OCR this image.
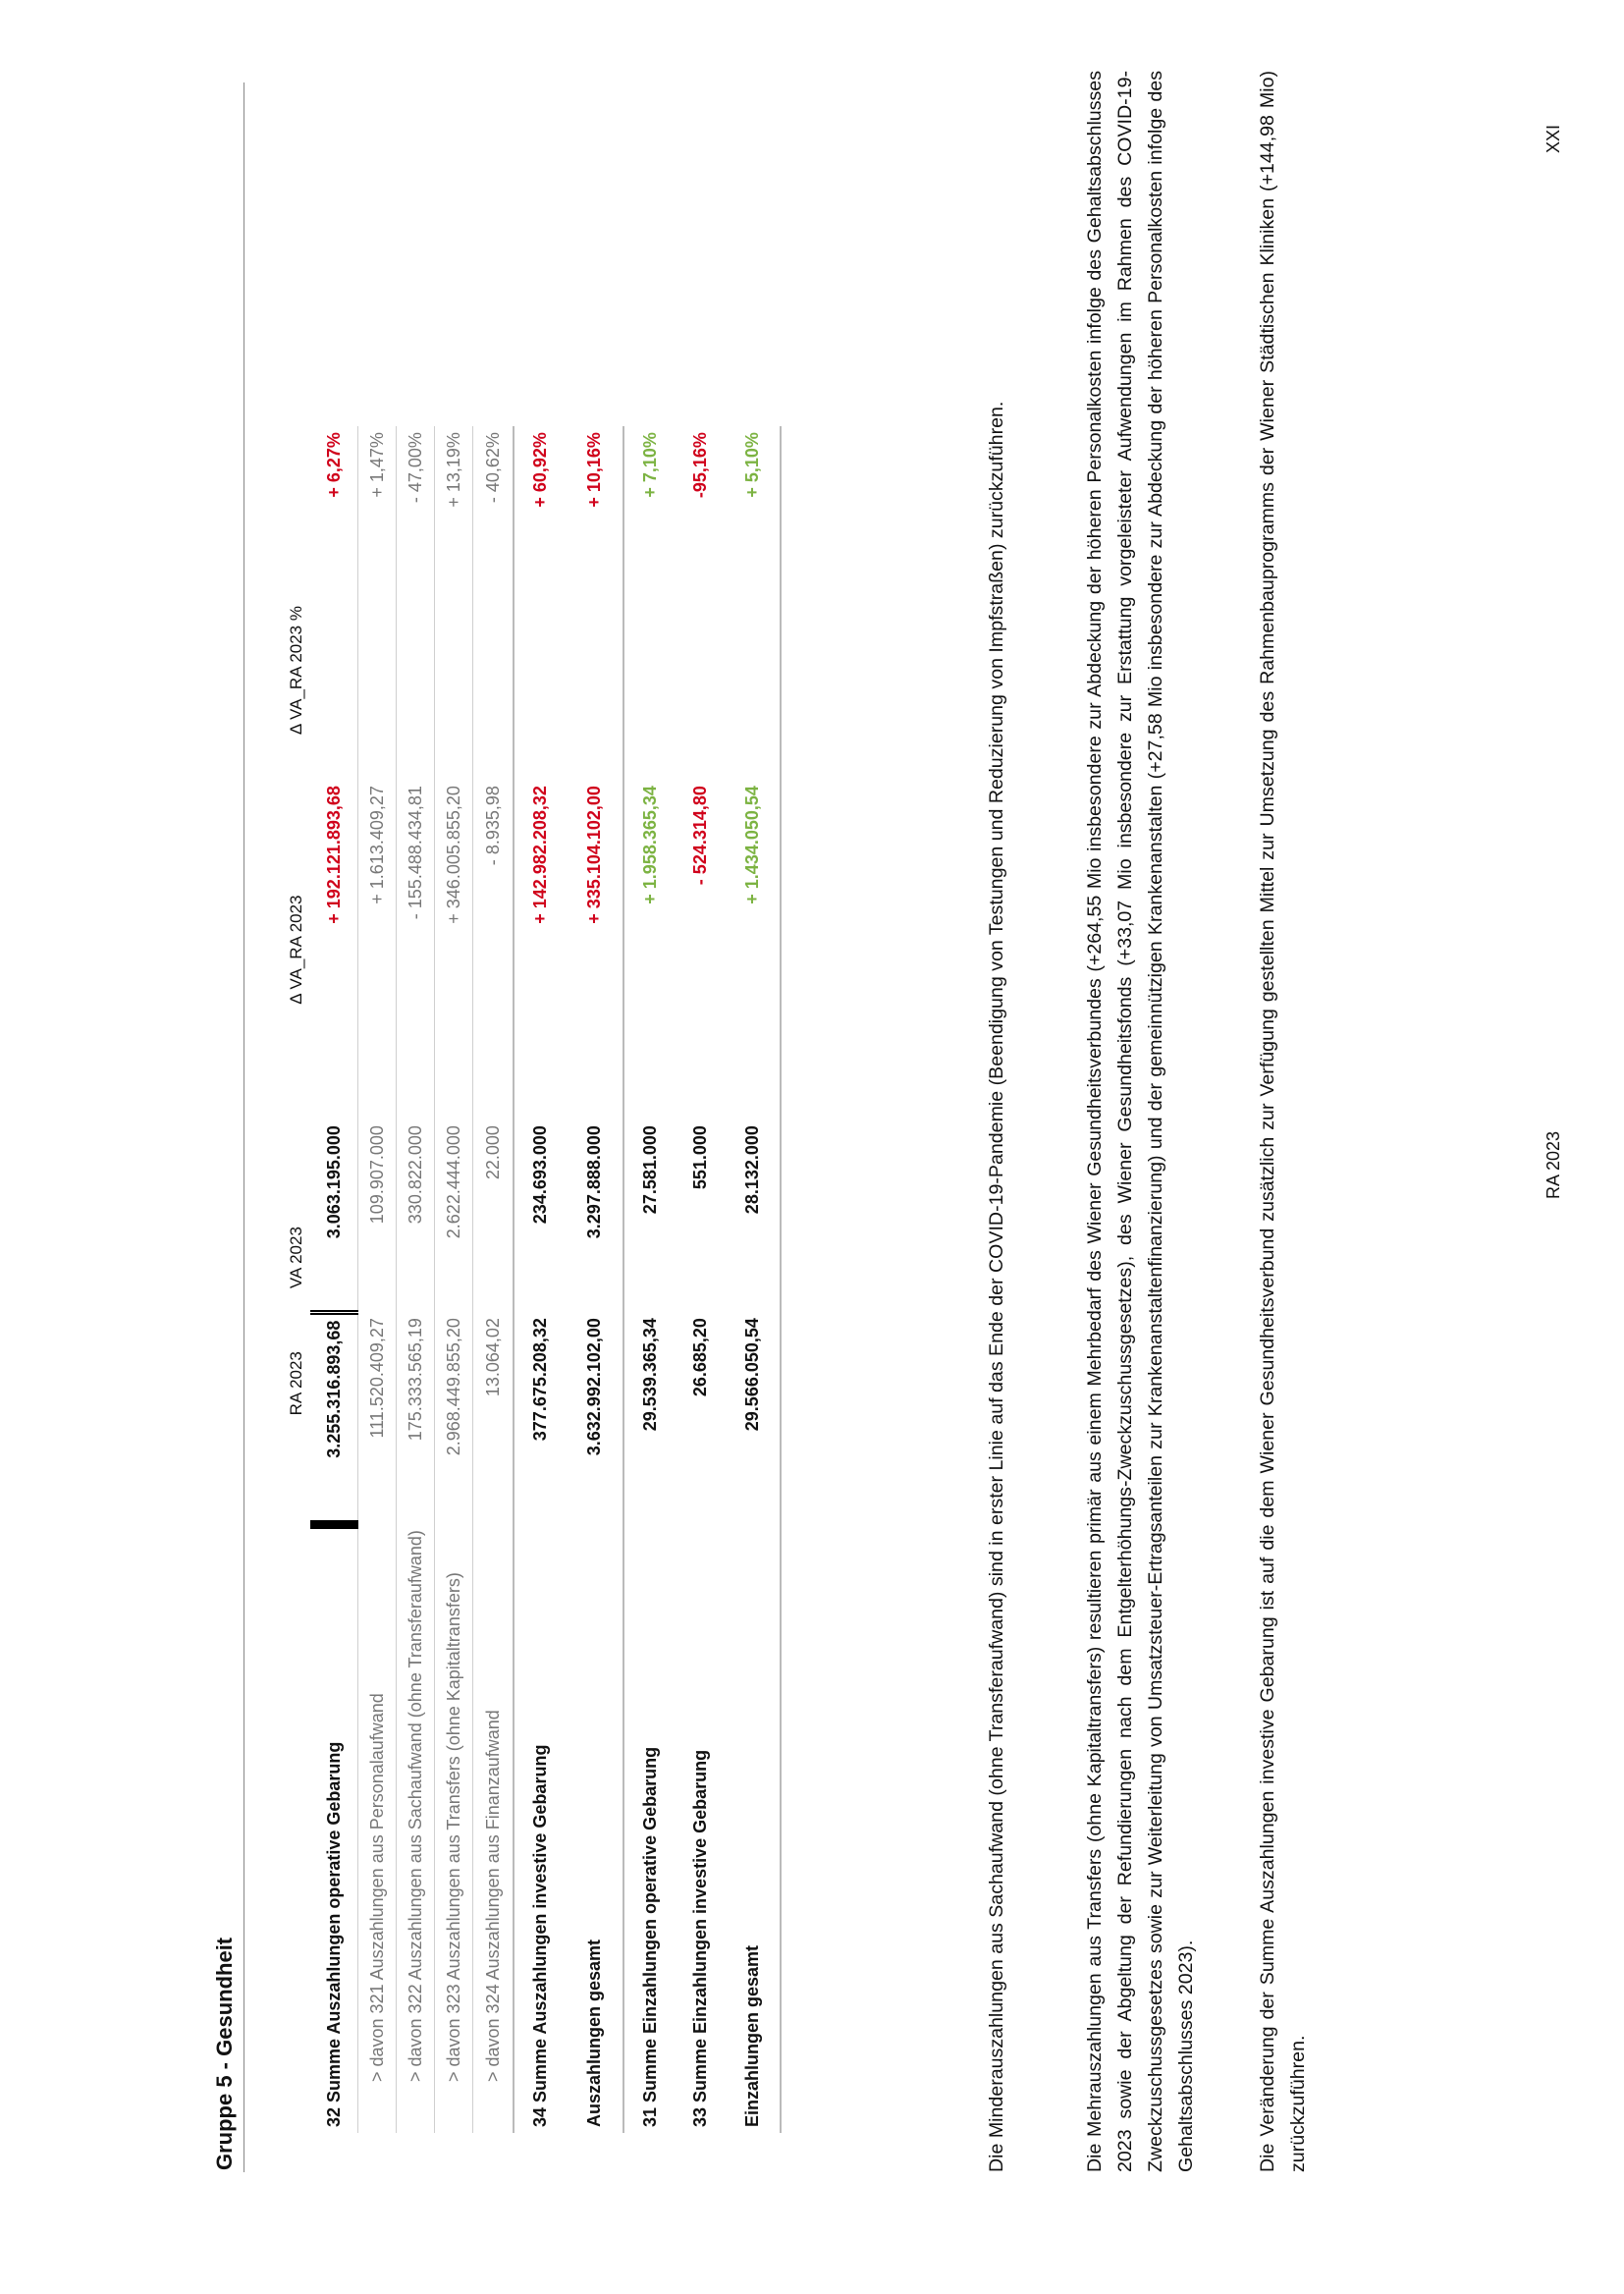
Gruppe 5 - Gesundheit
	RA 2023	VA 2023	Δ VA_RA 2023	Δ VA_RA 2023 %
32 Summe Auszahlungen operative Gebarung	3.255.316.893,68	3.063.195.000	+ 192.121.893,68	+ 6,27%
> davon 321 Auszahlungen aus Personalaufwand	111.520.409,27	109.907.000	+ 1.613.409,27	+ 1,47%
> davon 322 Auszahlungen aus Sachaufwand (ohne Transferaufwand)	175.333.565,19	330.822.000	- 155.488.434,81	- 47,00%
> davon 323 Auszahlungen aus Transfers (ohne Kapitaltransfers)	2.968.449.855,20	2.622.444.000	+ 346.005.855,20	+ 13,19%
> davon 324 Auszahlungen aus Finanzaufwand	13.064,02	22.000	- 8.935,98	- 40,62%
34 Summe Auszahlungen investive Gebarung	377.675.208,32	234.693.000	+ 142.982.208,32	+ 60,92%
Auszahlungen gesamt	3.632.992.102,00	3.297.888.000	+ 335.104.102,00	+ 10,16%
31 Summe Einzahlungen operative Gebarung	29.539.365,34	27.581.000	+ 1.958.365,34	+ 7,10%
33 Summe Einzahlungen investive Gebarung	26.685,20	551.000	- 524.314,80	-95,16%
Einzahlungen gesamt	29.566.050,54	28.132.000	+ 1.434.050,54	+ 5,10%	Die Minderauszahlungen aus Sachaufwand (ohne Transferaufwand) sind in erster Linie auf das Ende der COVID-19-Pandemie (Beendigung von Testungen und Reduzierung von Impfstraßen) zurückzuführen.	Die Mehrauszahlungen aus Transfers (ohne Kapitaltransfers) resultieren primär aus einem Mehrbedarf des Wiener Gesundheitsverbundes (+264,55 Mio insbesondere zur Abdeckung der höheren Personalkosten infolge des Gehaltsabschlusses 2023 sowie der Abgeltung der Refundierungen nach dem Entgelterhöhungs-Zweckzuschussgesetzes), des Wiener Gesundheitsfonds (+33,07 Mio insbesondere zur Erstattung vorgeleisteter Aufwendungen im Rahmen des COVID-19-Zweckzuschussgesetzes sowie zur Weiterleitung von Umsatzsteuer-Ertragsanteilen zur Krankenanstaltenfinanzierung) und der gemeinnützigen Krankenanstalten (+27,58 Mio insbesondere zur Abdeckung der höheren Personalkosten infolge des Gehaltsabschlusses 2023).	Die Veränderung der Summe Auszahlungen investive Gebarung ist auf die dem Wiener Gesundheitsverbund zusätzlich zur Verfügung gestellten Mittel zur Umsetzung des Rahmenbauprogramms der Wiener Städtischen Kliniken (+144,98 Mio) zurückzuführen.

RA 2023
XXI
